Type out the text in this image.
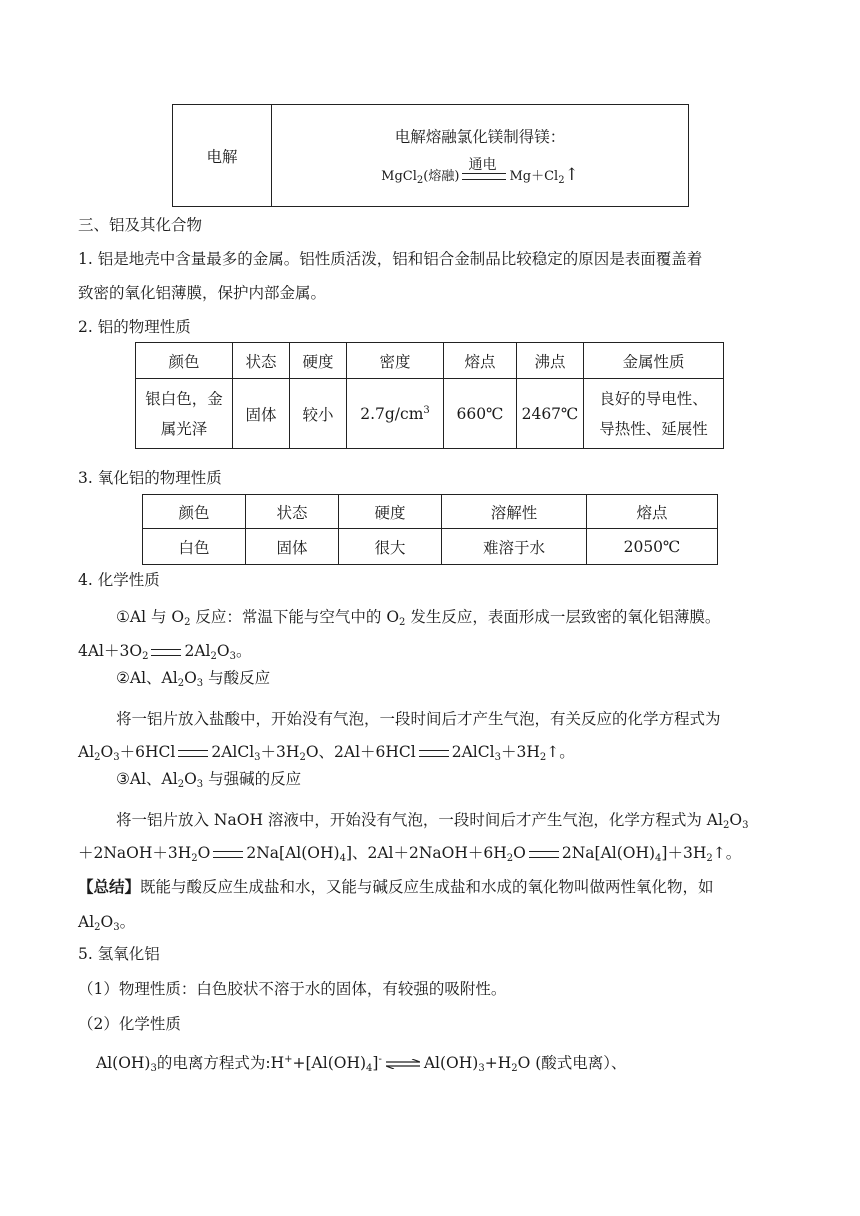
电解	
电解熔融氯化镁制得镁：
MgCl$_2$(熔融)
通电
$Mg+Cl_2↑$
三、铝及其化合物
1. 铝是地壳中含量最多的金属。铝性质活泼，铝和铝合金制品比较稳定的原因是表面覆盖着
致密的氧化铝薄膜，保护内部金属。
2. 铝的物理性质
颜色	状态	硬度	密度	熔点	沸点	金属性质
银白色，金
属光泽	固体	较小	$2.7g/cm^3$	660℃	2467℃	良好的导电性、
导热性、延展性
3. 氧化铝的物理性质
颜色	状态	硬度	溶解性	熔点
白色	固体	很大	难溶于水	2050℃
4. 化学性质
①Al 与 $O_2$ 反应：常温下能与空气中的 $O_2$ 发生反应，表面形成一层致密的氧化铝薄膜。
$4Al+3O_2$ $2Al_2O_3$。
②Al、$Al_2O_3$ 与酸反应
将一铝片放入盐酸中，开始没有气泡，一段时间后才产生气泡，有关反应的化学方程式为
$Al_2O_3+6HCl$ $2AlCl_3+3H_2O$、2Al＋6HCl $2AlCl_3+3H_2↑$。
③Al、$Al_2O_3$ 与强碱的反应
将一铝片放入 NaOH 溶液中，开始没有气泡，一段时间后才产生气泡，化学方程式为 $Al_2O_3$
$+2NaOH+3H_2O$ $2Na[Al(OH)_4]$、$2Al+2NaOH+6H_2O$ $2Na[Al(OH)_4]+3H_2↑$。
【总结】既能与酸反应生成盐和水，又能与碱反应生成盐和水成的氧化物叫做两性氧化物，如
$Al_2O_3$。
5. 氢氧化铝
（1）物理性质：白色胶状不溶于水的固体，有较强的吸附性。
（2）化学性质
$Al(OH)_3$的电离方程式为$:H^++[Al(OH)_4]^-$ ⇌ $Al(OH)_3+H_2O$ (酸式电离）、
